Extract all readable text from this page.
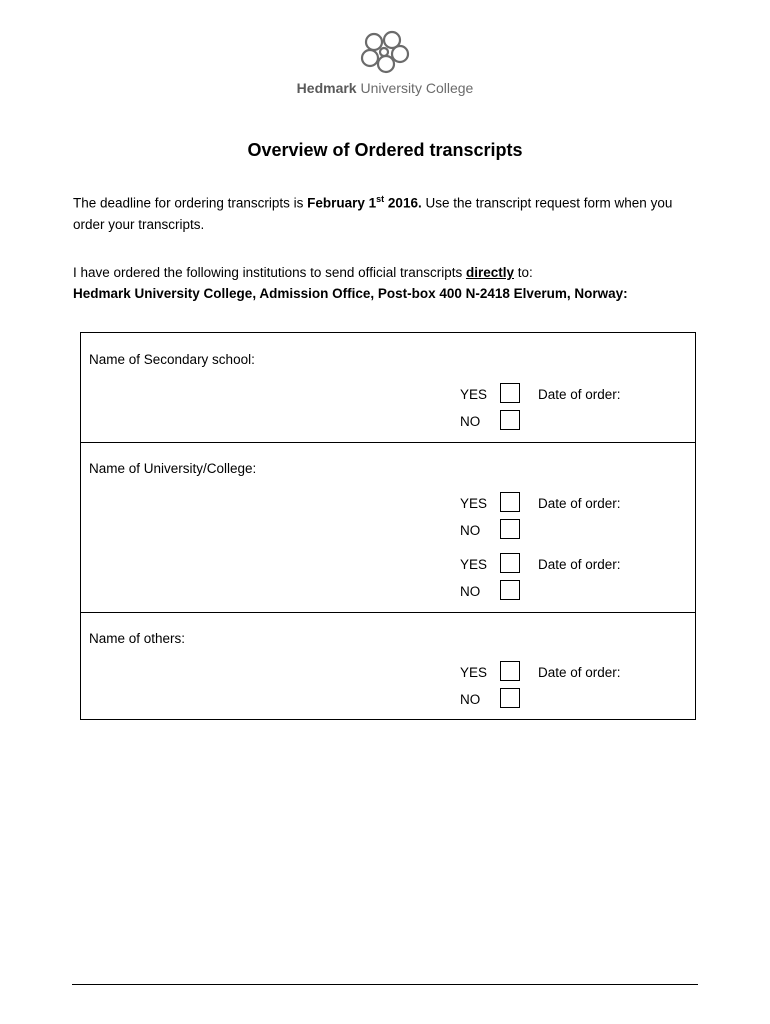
Hedmark University College
Overview of Ordered transcripts
The deadline for ordering transcripts is February 1st 2016. Use the transcript request form when you order your transcripts.
I have ordered the following institutions to send official transcripts directly to:
Hedmark University College, Admission Office, Post-box 400 N-2418 Elverum, Norway:
Name of Secondary school:
YES	Date of order:
NO
Name of University/College:
YES	Date of order:
NO
YES	Date of order:
NO
Name of others:
YES	Date of order:
NO
